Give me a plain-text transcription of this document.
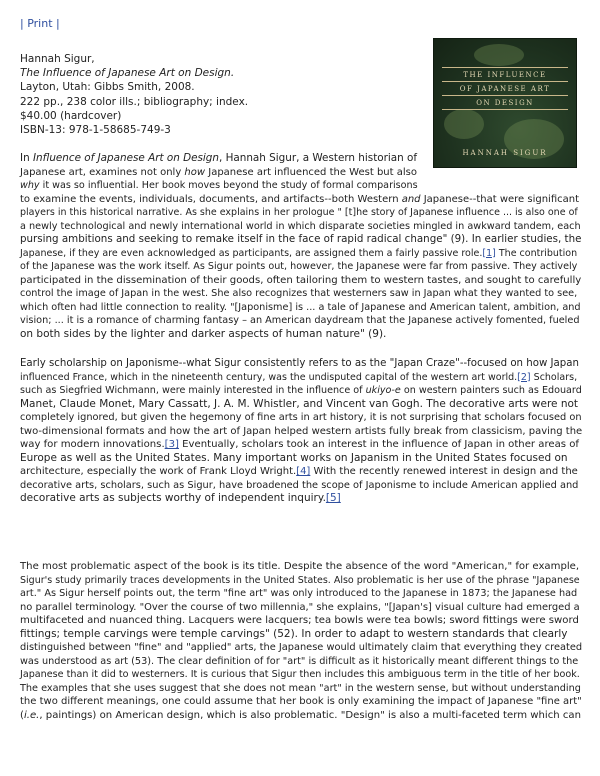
| Print |
THE INFLUENCE
OF JAPANESE ART
ON DESIGN
HANNAH SIGUR
Hannah Sigur,
The Influence of Japanese Art on Design.
Layton, Utah: Gibbs Smith, 2008.
222 pp., 238 color ills.; bibliography; index.
$40.00 (hardcover)
ISBN-13: 978-1-58685-749-3
In Influence of Japanese Art on Design, Hannah Sigur, a Western historian of
Japanese art, examines not only how Japanese art influenced the West but also
why it was so influential. Her book moves beyond the study of formal comparisons
to examine the events, individuals, documents, and artifacts--both Western and Japanese--that were significant
players in this historical narrative. As she explains in her prologue " [t]he story of Japanese influence ... is also one of
a newly technological and newly international world in which disparate societies mingled in awkward tandem, each
pursing ambitions and seeking to remake itself in the face of rapid radical change" (9). In earlier studies, the
Japanese, if they are even acknowledged as participants, are assigned them a fairly passive role.[1] The contribution
of the Japanese was the work itself. As Sigur points out, however, the Japanese were far from passive. They actively
participated in the dissemination of their goods, often tailoring them to western tastes, and sought to carefully
control the image of Japan in the west. She also recognizes that westerners saw in Japan what they wanted to see,
which often had little connection to reality. "[Japonisme] is ... a tale of Japanese and American talent, ambition, and
vision; ... it is a romance of charming fantasy – an American daydream that the Japanese actively fomented, fueled
on both sides by the lighter and darker aspects of human nature" (9).
Early scholarship on Japonisme--what Sigur consistently refers to as the "Japan Craze"--focused on how Japan
influenced France, which in the nineteenth century, was the undisputed capital of the western art world.[2] Scholars,
such as Siegfried Wichmann, were mainly interested in the influence of ukiyo-e on western painters such as Edouard
Manet, Claude Monet, Mary Cassatt, J. A. M. Whistler, and Vincent van Gogh. The decorative arts were not
completely ignored, but given the hegemony of fine arts in art history, it is not surprising that scholars focused on
two-dimensional formats and how the art of Japan helped western artists fully break from classicism, paving the
way for modern innovations.[3] Eventually, scholars took an interest in the influence of Japan in other areas of
Europe as well as the United States. Many important works on Japanism in the United States focused on
architecture, especially the work of Frank Lloyd Wright.[4] With the recently renewed interest in design and the
decorative arts, scholars, such as Sigur, have broadened the scope of Japonisme to include American applied and
decorative arts as subjects worthy of independent inquiry.[5]
The most problematic aspect of the book is its title. Despite the absence of the word "American," for example,
Sigur's study primarily traces developments in the United States. Also problematic is her use of the phrase "Japanese
art." As Sigur herself points out, the term "fine art" was only introduced to the Japanese in 1873; the Japanese had
no parallel terminology. "Over the course of two millennia," she explains, "[Japan's] visual culture had emerged a
multifaceted and nuanced thing. Lacquers were lacquers; tea bowls were tea bowls; sword fittings were sword
fittings; temple carvings were temple carvings" (52). In order to adapt to western standards that clearly
distinguished between "fine" and "applied" arts, the Japanese would ultimately claim that everything they created
was understood as art (53). The clear definition of for "art" is difficult as it historically meant different things to the
Japanese than it did to westerners. It is curious that Sigur then includes this ambiguous term in the title of her book.
The examples that she uses suggest that she does not mean "art" in the western sense, but without understanding
the two different meanings, one could assume that her book is only examining the impact of Japanese "fine art"
(i.e., paintings) on American design, which is also problematic. "Design" is also a multi-faceted term which can
